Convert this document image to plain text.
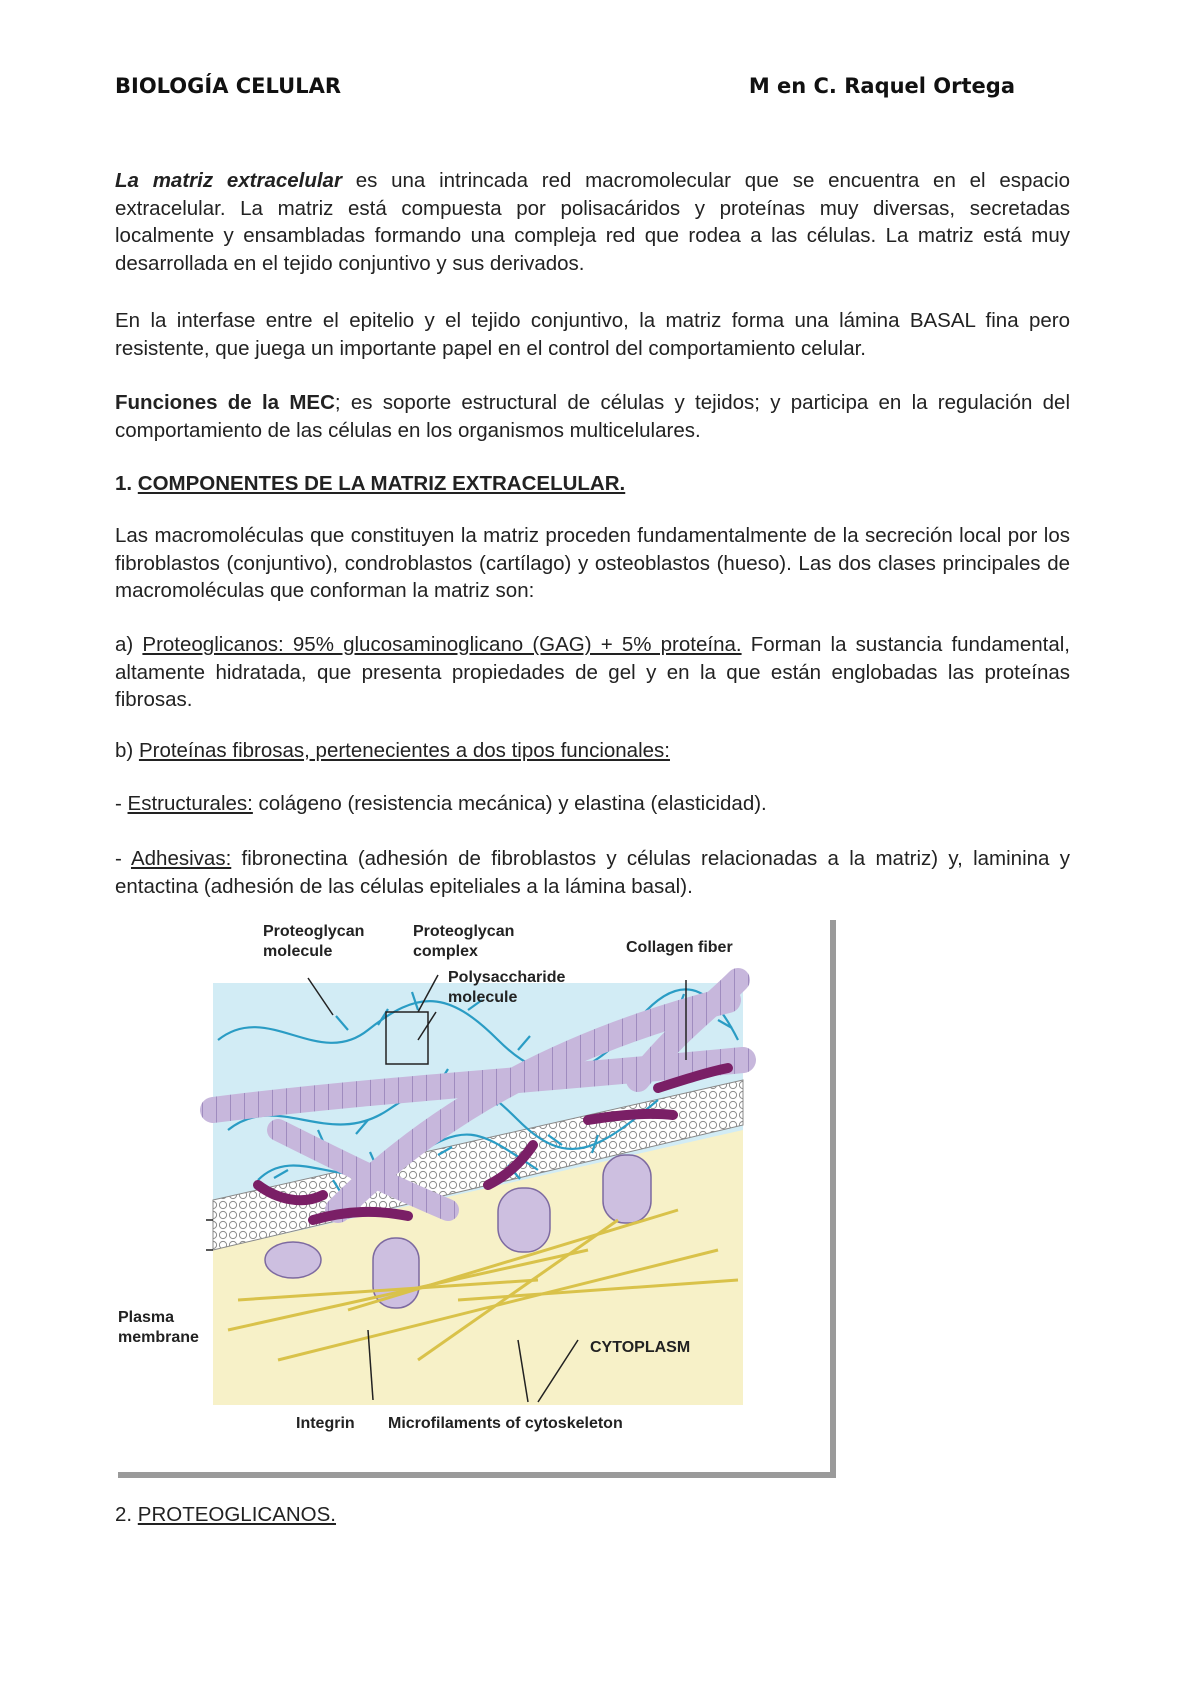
BIOLOGÍA CELULAR	M en C. Raquel Ortega

La matriz extracelular es una intrincada red macromolecular que se encuentra en el espacio extracelular. La matriz está compuesta por polisacáridos y proteínas muy diversas, secretadas localmente y ensambladas formando una compleja red que rodea a las células. La matriz está muy desarrollada en el tejido conjuntivo y sus derivados.

En la interfase entre el epitelio y el tejido conjuntivo, la matriz forma una lámina BASAL fina pero resistente, que juega un importante papel en el control del comportamiento celular.

Funciones de la MEC; es soporte estructural de células y tejidos; y participa en la regulación del comportamiento de las células en los organismos multicelulares.

1. COMPONENTES DE LA MATRIZ EXTRACELULAR.

Las macromoléculas que constituyen la matriz proceden fundamentalmente de la secreción local por los fibroblastos (conjuntivo), condroblastos (cartílago) y osteoblastos (hueso). Las dos clases principales de macromoléculas que conforman la matriz son:

a) Proteoglicanos: 95% glucosaminoglicano (GAG) + 5% proteína. Forman la sustancia fundamental, altamente hidratada, que presenta propiedades de gel y en la que están englobadas las proteínas fibrosas.

b) Proteínas fibrosas, pertenecientes a dos tipos funcionales:

- Estructurales: colágeno (resistencia mecánica) y elastina (elasticidad).

- Adhesivas: fibronectina (adhesión de fibroblastos y células relacionadas a la matriz) y, laminina y entactina (adhesión de las células epiteliales a la lámina basal).

Proteoglycan
molecule
Proteoglycan
complex
Polysaccharide
molecule
Collagen fiber
Plasma
membrane
CYTOPLASM
Integrin Microfilaments of cytoskeleton
2. PROTEOGLICANOS.
